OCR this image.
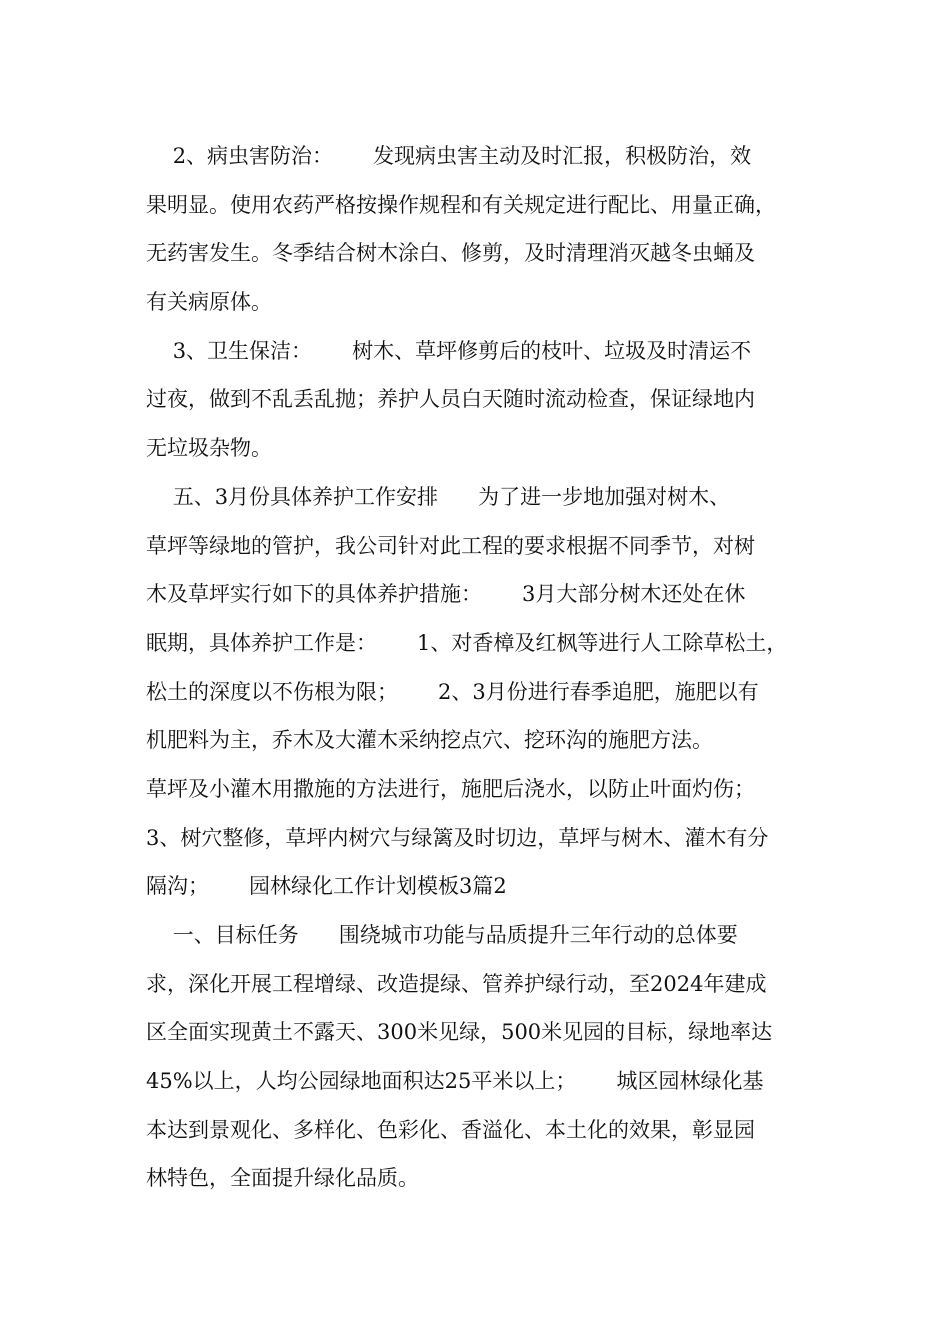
2、病虫害防治：      发现病虫害主动及时汇报，积极防治，效
果明显。使用农药严格按操作规程和有关规定进行配比、用量正确，
无药害发生。冬季结合树木涂白、修剪，及时清理消灭越冬虫蛹及
有关病原体。
3、卫生保洁：      树木、草坪修剪后的枝叶、垃圾及时清运不
过夜，做到不乱丢乱抛；养护人员白天随时流动检查，保证绿地内
无垃圾杂物。
五、3月份具体养护工作安排      为了进一步地加强对树木、
草坪等绿地的管护，我公司针对此工程的要求根据不同季节，对树
木及草坪实行如下的具体养护措施：      3月大部分树木还处在休
眠期，具体养护工作是：      1、对香樟及红枫等进行人工除草松土，
松土的深度以不伤根为限；      2、3月份进行春季追肥，施肥以有
机肥料为主，乔木及大灌木采纳挖点穴、挖环沟的施肥方法。
草坪及小灌木用撒施的方法进行，施肥后浇水，以防止叶面灼伤；
3、树穴整修，草坪内树穴与绿篱及时切边，草坪与树木、灌木有分
隔沟；      园林绿化工作计划模板3篇2
一、目标任务      围绕城市功能与品质提升三年行动的总体要
求，深化开展工程增绿、改造提绿、管养护绿行动，至2024年建成
区全面实现黄土不露天、300米见绿，500米见园的目标，绿地率达
45%以上，人均公园绿地面积达25平米以上；      城区园林绿化基
本达到景观化、多样化、色彩化、香溢化、本土化的效果，彰显园
林特色，全面提升绿化品质。
